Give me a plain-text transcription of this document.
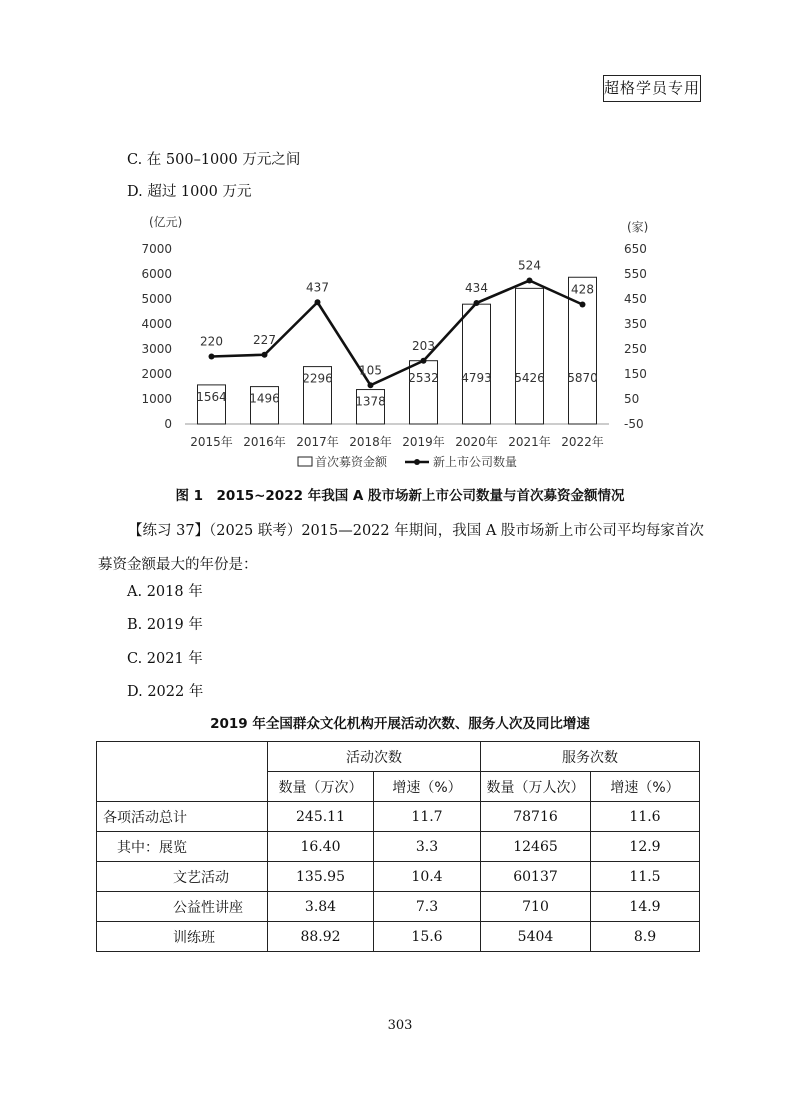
超格学员专用
C. 在 500–1000 万元之间
D. 超过 1000 万元
0
1000
2000
3000
4000
5000
6000
7000
-50
50
150
250
350
450
550
650
(亿元)	(家)
1564 1496
2296
1378
2532 4793 5426 5870
220	227
437
105
203
434
524
428
2015年 2016年 2017年 2018年 2019年 2020年 2021年 2022年
首次募资金额	新上市公司数量
图 1　2015~2022 年我国 A 股市场新上市公司数量与首次募资金额情况
【练习 37】（2025 联考）2015—2022 年期间，我国 A 股市场新上市公司平均每家首次募资金额最大的年份是：
A. 2018 年
B. 2019 年
C. 2021 年
D. 2022 年
2019 年全国群众文化机构开展活动次数、服务人次及同比增速
	活动次数		服务次数	
	数量（万次）	增速（%）	数量（万人次）	增速（%）
各项活动总计	245.11	11.7	78716	11.6
其中：展览	16.40	3.3	12465	12.9
文艺活动	135.95	10.4	60137	11.5
公益性讲座	3.84	7.3	710	14.9
训练班	88.92	15.6	5404	8.9
303
